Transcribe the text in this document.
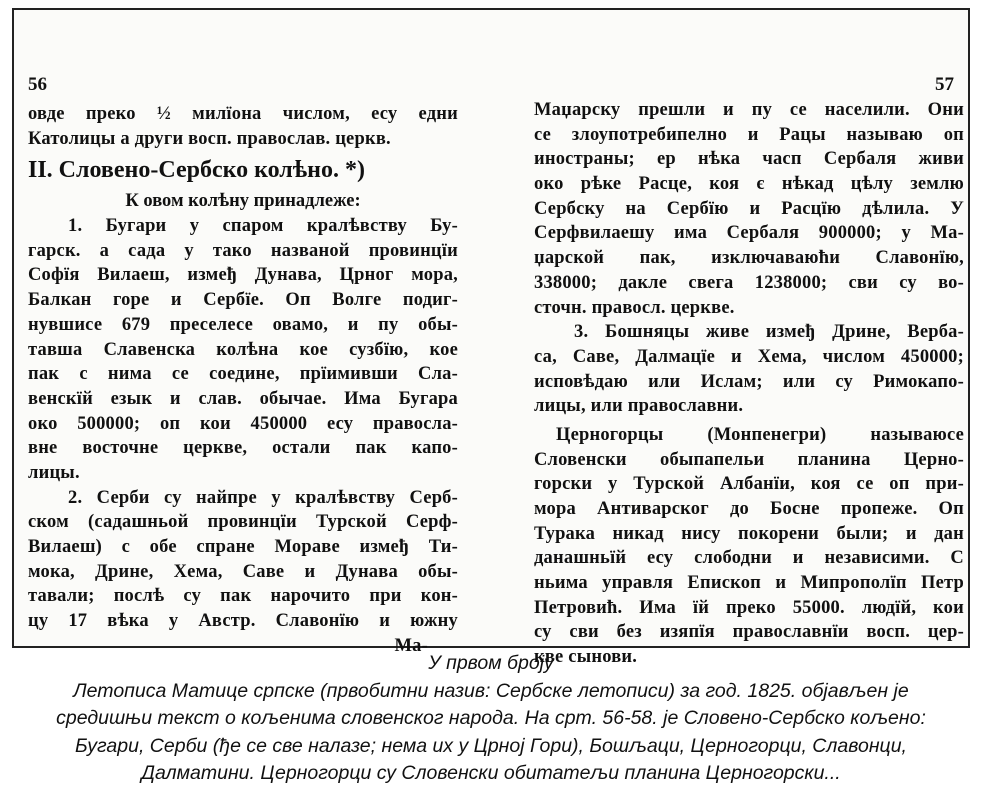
56
овде преко ½ милїона числом, есу едни
Католицы а други восп. православ. церкв.
II. Словено-Сербско колѣно. *)
К овом колѣну принадлеже:
1. Бугари у спаром кралѣвству Бу-
гарск. а сада у тако названой провинцїи
Софїя Вилаеш, измеђ Дунава, Црног мора,
Балкан горе и Сербїе. Оп Волге подиг-
нувшисе 679 преселесе овамо, и пу обы-
тавша Славенска колѣна кое сузбїю, кое
пак с нима се соедине, прїимивши Сла-
венскїй езык и слав. обычае. Има Бугара
око 500000; оп кои 450000 есу правосла-
вне восточне церкве, остали пак капо-
лицы.
2. Серби су найпре у кралѣвству Серб-
ском (садашньой провинцїи Турской Серф-
Вилаеш) с обе спране Мораве измеђ Ти-
мока, Дрине, Хема, Саве и Дунава обы-
тавали; послѣ су пак нарочито при кон-
цу 17 вѣка у Австр. Славонїю и южну
Ма-
57
Маџарску прешли и пу се населили. Они
се злоупотребипелно и Рацы называю оп
иностраны; ер нѣка часп Сербаля живи
око рѣке Расце, коя є нѣкад цѣлу землю
Сербску на Сербїю и Расцїю дѣлила. У
Серфвилаешу има Сербаля 900000; у Ма-
џарской пак, изключаваюћи Славонїю,
338000; дакле свега 1238000; сви су во-
сточн. правосл. церкве.
3. Бошняцы живе измеђ Дрине, Верба-
са, Саве, Далмацїе и Хема, числом 450000;
исповѣдаю или Ислам; или су Римокапо-
лицы, или православни.
Церногорцы (Монпенегри) называюсе
Словенски обыпапельи планина Церно-
горски у Турской Албанїи, коя се оп при-
мора Антиварског до Босне пропеже. Оп
Турака никад нису покорени были; и дан
данашньїй есу слободни и независими. С
ньима управля Епископ и Мипрополїп Петр
Петровић. Има їй преко 55000. людїй, кои
су сви без изяпїя православнїи восп. цер-
кве сынови.
У првом броју
Летописа Матице српске (првобитни назив: Сербске летописи) за год. 1825. објављен је
средишњи текст о кољенима словенског народа. На срт. 56-58. је Словено-Сербско кољено:
Бугари, Серби (ђе се све налазе; нема их у Црној Гори), Бошљаци, Церногорци, Славонци,
Далматини. Церногорци су Словенски обитатељи планина Церногорски...
